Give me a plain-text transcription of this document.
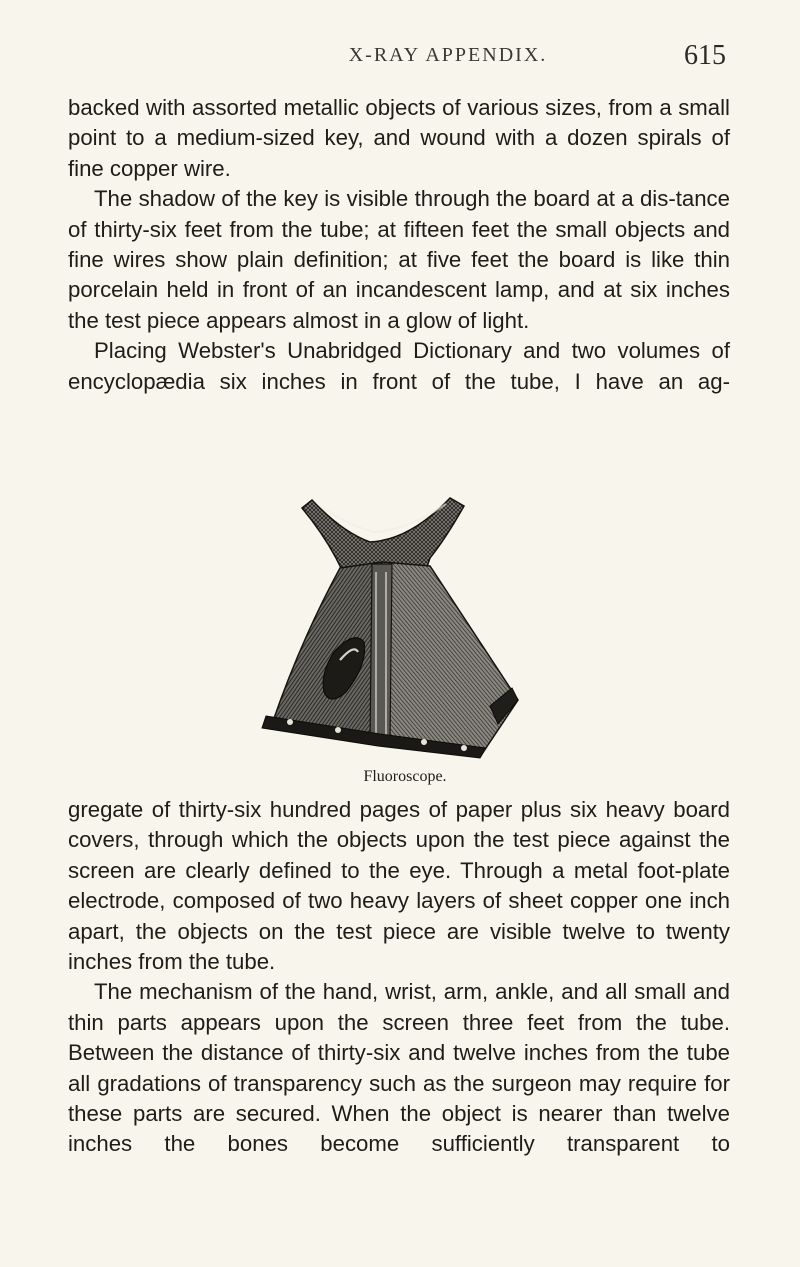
X-RAY APPENDIX.	615

backed with assorted metallic objects of various sizes, from a small point to a medium-sized key, and wound with a dozen spirals of fine copper wire.

The shadow of the key is visible through the board at a dis-tance of thirty-six feet from the tube; at fifteen feet the small objects and fine wires show plain definition; at five feet the board is like thin porcelain held in front of an incandescent lamp, and at six inches the test piece appears almost in a glow of light.

Placing Webster's Unabridged Dictionary and two volumes of encyclopædia six inches in front of the tube, I have an ag-

Fluoroscope.

gregate of thirty-six hundred pages of paper plus six heavy board covers, through which the objects upon the test piece against the screen are clearly defined to the eye. Through a metal foot-plate electrode, composed of two heavy layers of sheet copper one inch apart, the objects on the test piece are visible twelve to twenty inches from the tube.

The mechanism of the hand, wrist, arm, ankle, and all small and thin parts appears upon the screen three feet from the tube. Between the distance of thirty-six and twelve inches from the tube all gradations of transparency such as the surgeon may require for these parts are secured. When the object is nearer than twelve inches the bones become sufficiently transparent to
